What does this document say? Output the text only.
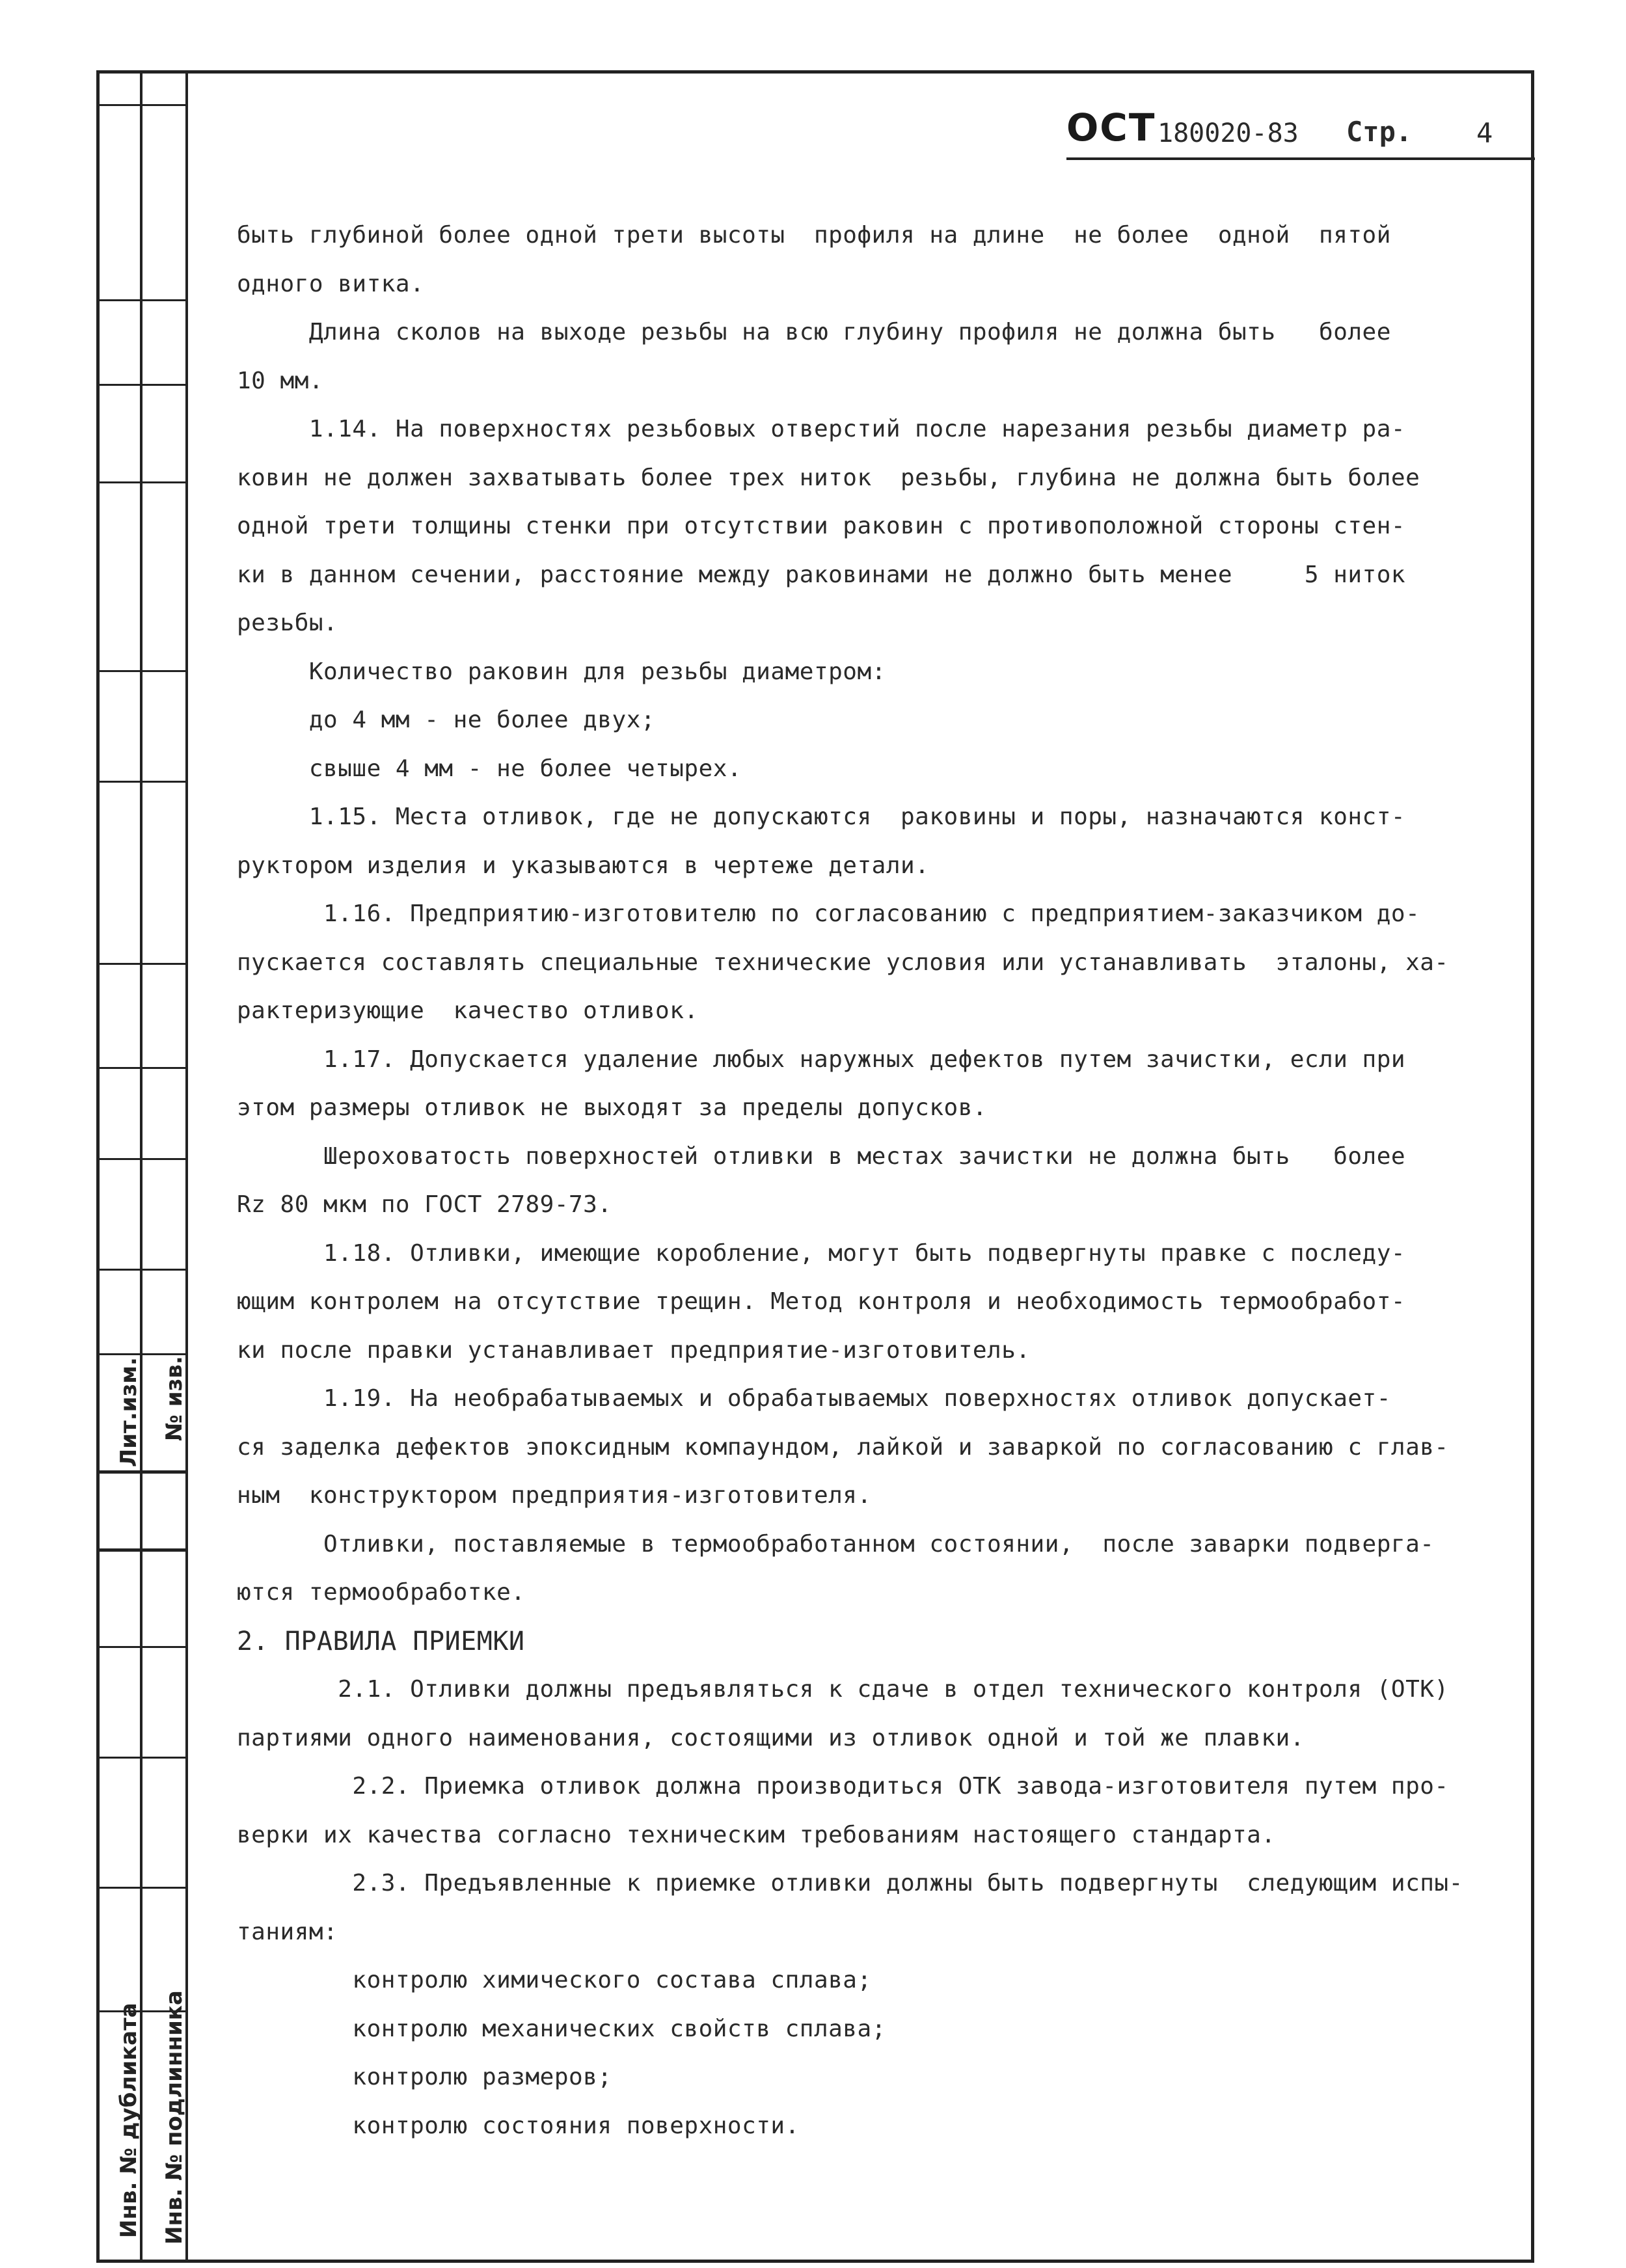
Лит.изм. № изв.
Инв. № дубликата Инв. № подлинника
ОСТ 180020-83 Стр. 4
быть глубиной более одной трети высоты  профиля на длине  не более  одной  пятой
одного витка.
Длина сколов на выходе резьбы на всю глубину профиля не должна быть   более
10 мм.
1.14. На поверхностях резьбовых отверстий после нарезания резьбы диаметр ра-
ковин не должен захватывать более трех ниток  резьбы, глубина не должна быть более
одной трети толщины стенки при отсутствии раковин с противоположной стороны стен-
ки в данном сечении, расстояние между раковинами не должно быть менее     5 ниток
резьбы.
Количество раковин для резьбы диаметром:
до 4 мм - не более двух;
свыше 4 мм - не более четырех.
1.15. Места отливок, где не допускаются  раковины и поры, назначаются конст-
руктором изделия и указываются в чертеже детали.
1.16. Предприятию-изготовителю по согласованию с предприятием-заказчиком до-
пускается составлять специальные технические условия или устанавливать  эталоны, ха-
рактеризующие  качество отливок.
1.17. Допускается удаление любых наружных дефектов путем зачистки, если при
этом размеры отливок не выходят за пределы допусков.
Шероховатость поверхностей отливки в местах зачистки не должна быть   более
Rz 80 мкм по ГОСТ 2789-73.
1.18. Отливки, имеющие коробление, могут быть подвергнуты правке с последу-
ющим контролем на отсутствие трещин. Метод контроля и необходимость термообработ-
ки после правки устанавливает предприятие-изготовитель.
1.19. На необрабатываемых и обрабатываемых поверхностях отливок допускает-
ся заделка дефектов эпоксидным компаундом, лайкой и заваркой по согласованию с глав-
ным  конструктором предприятия-изготовителя.
Отливки, поставляемые в термообработанном состоянии,  после заварки подверга-
ются термообработке.
2. ПРАВИЛА ПРИЕМКИ
2.1. Отливки должны предъявляться к сдаче в отдел технического контроля (ОТК)
партиями одного наименования, состоящими из отливок одной и той же плавки.
2.2. Приемка отливок должна производиться ОТК завода-изготовителя путем про-
верки их качества согласно техническим требованиям настоящего стандарта.
2.3. Предъявленные к приемке отливки должны быть подвергнуты  следующим испы-
таниям:
контролю химического состава сплава;
контролю механических свойств сплава;
контролю размеров;
контролю состояния поверхности.
